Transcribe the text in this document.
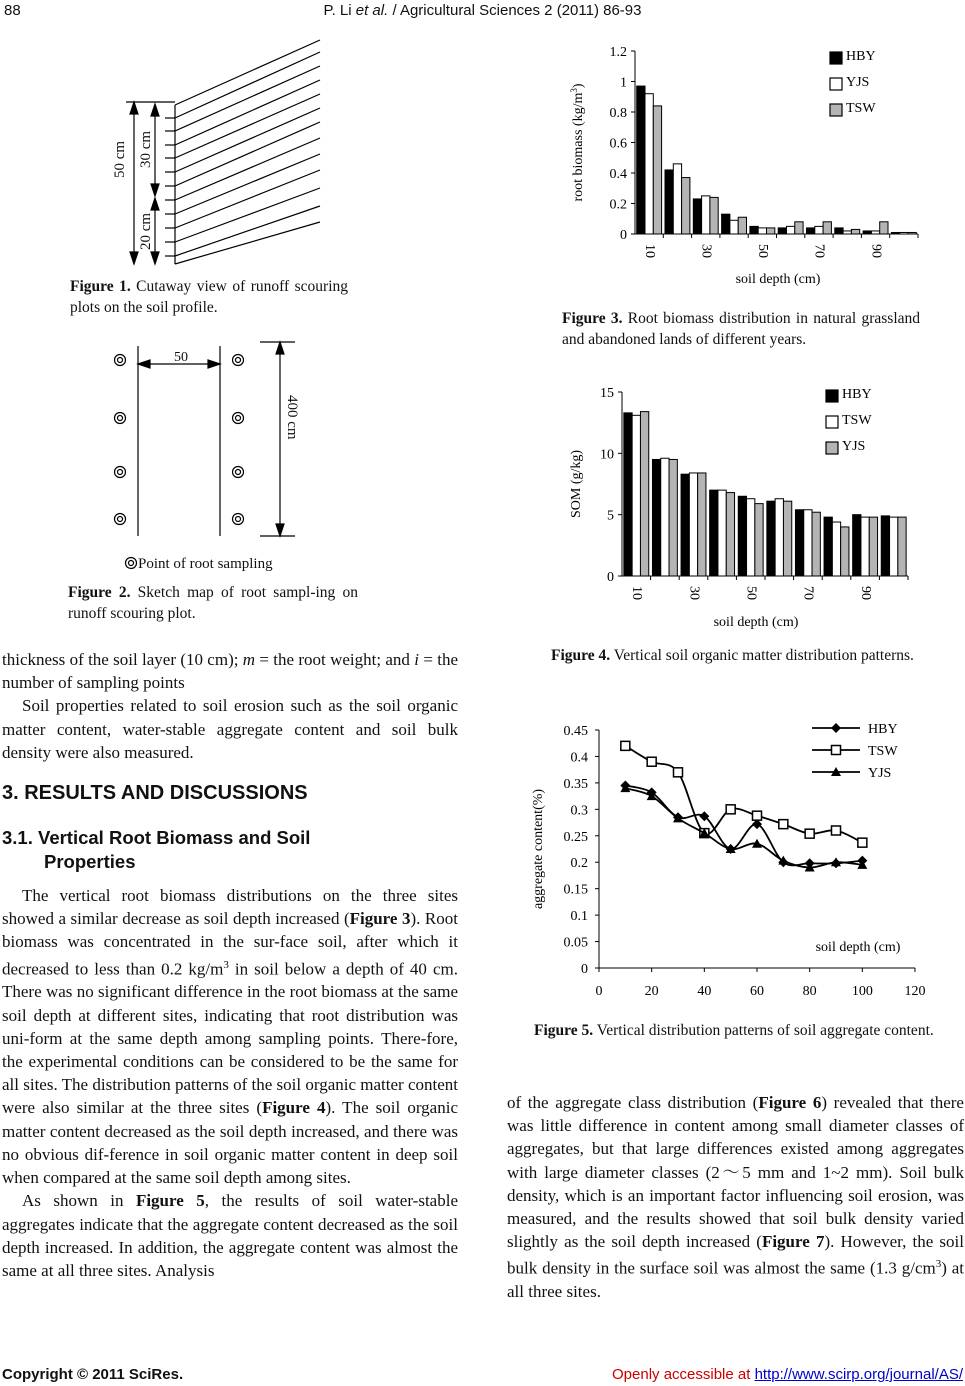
88	P. Li et al. / Agricultural Sciences 2 (2011) 86-93
50 cm 30 cm
20 cm
Figure 1. Cutaway view of runoff scouring plots on the soil profile.
50
400 cm
Point of root sampling
Figure 2. Sketch map of root sampl-ing on runoff scouring plot.
0
0.2
0.4
0.6
0.8
1
1.2
10	30	50	70	90
HBY
YJS
TSW
root biomass $(kg/m^3)$
soil depth (cm)
Figure 3. Root biomass distribution in natural grassland and abandoned lands of different years.
0
5
10
15
10	30	50	70	90
HBY
TSW
YJS
SOM (g/kg)
soil depth (cm)
Figure 4. Vertical soil organic matter distribution patterns.
0
0.05
0.1
0.15
0.2
0.25
0.3
0.35
0.4
0.45
0	20	40	60	80	100 120
HBY
TSW
YJS
aggregate content(%)
soil depth (cm)
Figure 5. Vertical distribution patterns of soil aggregate content.

thickness of the soil layer (10 cm); m = the root weight; and i = the number of sampling points

Soil properties related to soil erosion such as the soil organic matter content, water-stable aggregate content and soil bulk density were also measured.

3. RESULTS AND DISCUSSIONS
3.1. Vertical Root Biomass and Soil
Properties

The vertical root biomass distributions on the three sites showed a similar decrease as soil depth increased (Figure 3). Root biomass was concentrated in the sur-face soil, after which it decreased to less than 0.2 $kg/m^3$ in soil below a depth of 40 cm. There was no significant difference in the root biomass at the same soil depth at different sites, indicating that root distribution was uni-form at the same depth among sampling points. There-fore, the experimental conditions can be considered to be the same for all sites. The distribution patterns of the soil organic matter content were also similar at the three sites (Figure 4). The soil organic matter content decreased as the soil depth increased, and there was no obvious dif-ference in soil organic matter content in deep soil when compared at the same soil depth among sites.

As shown in Figure 5, the results of soil water-stable aggregates indicate that the aggregate content decreased as the soil depth increased. In addition, the aggregate content was almost the same at all three sites. Analysis

of the aggregate class distribution (Figure 6) revealed that there was little difference in content among small diameter classes of aggregates, but that large differences existed among aggregates with large diameter classes (2～5 mm and 1~2 mm). Soil bulk density, which is an important factor influencing soil erosion, was measured, and the results showed that soil bulk density varied slightly as the soil depth increased (Figure 7). However, the soil bulk density in the surface soil was almost the same (1.3 $g/cm^3$) at all three sites.

Copyright © 2011 SciRes.	Openly accessible at http://www.scirp.org/journal/AS/
